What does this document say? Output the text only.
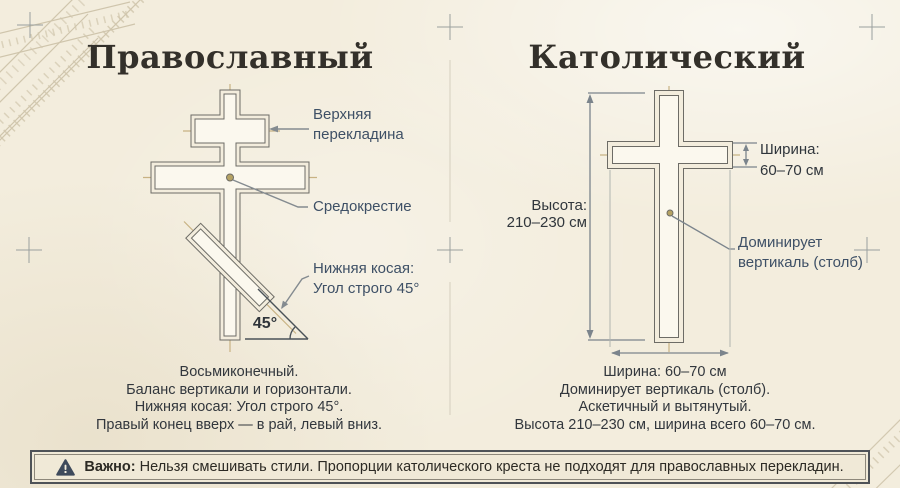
Православный	Католический
Верхняя
перекладина
Средокрестие
Нижняя косая:
Угол строго 45°
45°
Высота:
210–230 см
Ширина:
60–70 см
Доминирует
вертикаль (столб)
Восьмиконечный.
Баланс вертикали и горизонтали.
Нижняя косая: Угол строго 45°.
Правый конец вверх — в рай, левый вниз.
Ширина: 60–70 см
Доминирует вертикаль (столб).
Аскетичный и вытянутый.
Высота 210–230 см, ширина всего 60–70 см.
Важно: Нельзя смешивать стили. Пропорции католического креста не подходят для православных перекладин.
